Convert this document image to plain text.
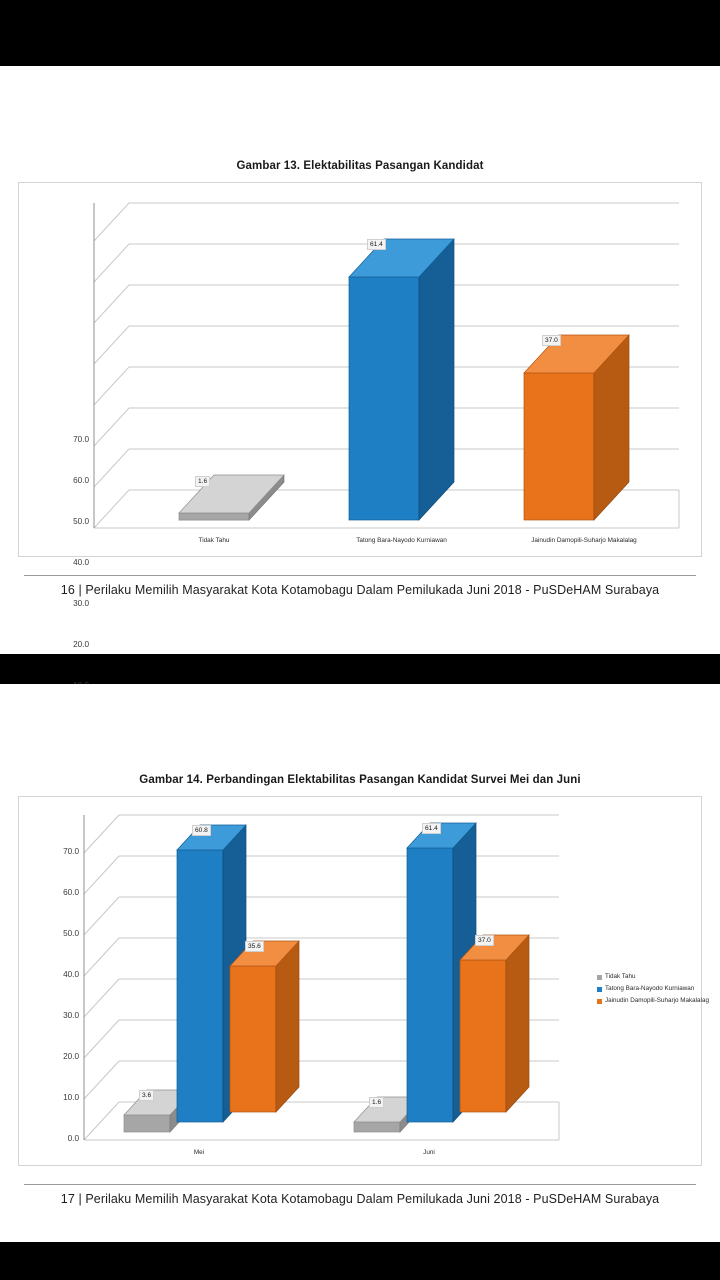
Gambar 13. Elektabilitas Pasangan Kandidat
70.0
60.0
50.0
40.0
30.0
20.0
1.6
61.4
37.0
Tidak Tahu	Tatong Bara-Nayodo Kurniawan	Jainudin Damopili-Suharjo Makalalag
16 | Perilaku Memilih Masyarakat Kota Kotamobagu Dalam Pemilukada Juni 2018 - PuSDeHAM Surabaya
Gambar 14. Perbandingan Elektabilitas Pasangan Kandidat Survei Mei dan Juni
70.0
60.0
50.0
40.0
30.0
20.0
10.0
0.0
3.6
60.8
35.6
1.6
61.4
37.0
Mei	Juni
Tidak Tahu
Tatong Bara-Nayodo Kurniawan
Jainudin Damopili-Suharjo Makalalag
17 | Perilaku Memilih Masyarakat Kota Kotamobagu Dalam Pemilukada Juni 2018 - PuSDeHAM Surabaya
